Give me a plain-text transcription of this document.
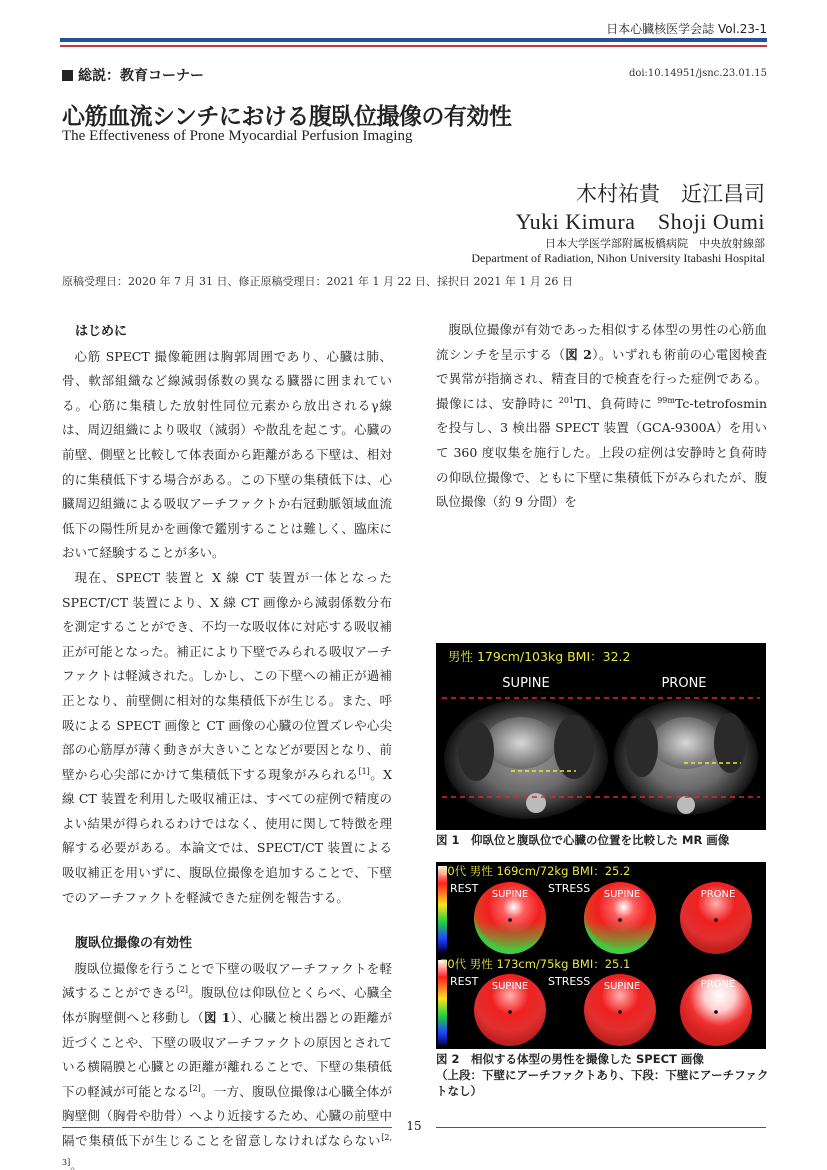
日本心臓核医学会誌 Vol.23-1
総説：教育コーナー	doi:10.14951/jsnc.23.01.15
心筋血流シンチにおける腹臥位撮像の有効性
The Effectiveness of Prone Myocardial Perfusion Imaging
木村祐貴　近江昌司
Yuki Kimura　Shoji Oumi
日本大学医学部附属板橋病院　中央放射線部
Department of Radiation, Nihon University Itabashi Hospital
原稿受理日：2020 年 7 月 31 日、修正原稿受理日：2021 年 1 月 22 日、採択日 2021 年 1 月 26 日

はじめに

心筋 SPECT 撮像範囲は胸郭周囲であり、心臓は肺、骨、軟部組織など線減弱係数の異なる臓器に囲まれている。心筋に集積した放射性同位元素から放出されるγ線は、周辺組織により吸収（減弱）や散乱を起こす。心臓の前壁、側壁と比較して体表面から距離がある下壁は、相対的に集積低下する場合がある。この下壁の集積低下は、心臓周辺組織による吸収アーチファクトか右冠動脈領域血流低下の陽性所見かを画像で鑑別することは難しく、臨床において経験することが多い。

現在、SPECT 装置と X 線 CT 装置が一体となった SPECT/CT 装置により、X 線 CT 画像から減弱係数分布を測定することができ、不均一な吸収体に対応する吸収補正が可能となった。補正により下壁でみられる吸収アーチファクトは軽減された。しかし、この下壁への補正が過補正となり、前壁側に相対的な集積低下が生じる。また、呼吸による SPECT 画像と CT 画像の心臓の位置ズレや心尖部の心筋厚が薄く動きが大きいことなどが要因となり、前壁から心尖部にかけて集積低下する現象がみられる[1]。X 線 CT 装置を利用した吸収補正は、すべての症例で精度のよい結果が得られるわけではなく、使用に関して特徴を理解する必要がある。本論文では、SPECT/CT 装置による吸収補正を用いずに、腹臥位撮像を追加することで、下壁でのアーチファクトを軽減できた症例を報告する。

腹臥位撮像の有効性

腹臥位撮像を行うことで下壁の吸収アーチファクトを軽減することができる[2]。腹臥位は仰臥位とくらべ、心臓全体が胸壁側へと移動し（図 1）、心臓と検出器との距離が近づくことや、下壁の吸収アーチファクトの原因とされている横隔膜と心臓との距離が離れることで、下壁の集積低下の軽減が可能となる[2]。一方、腹臥位撮像は心臓全体が胸壁側（胸骨や肋骨）へより近接するため、心臓の前壁中隔で集積低下が生じることを留意しなければならない[2, 3]。

腹臥位撮像が有効であった相似する体型の男性の心筋血流シンチを呈示する（図 2）。いずれも術前の心電図検査で異常が指摘され、精査目的で検査を行った症例である。撮像には、安静時に $^{201}$Tl、負荷時に $^{99m}$Tc-tetrofosmin を投与し、3 検出器 SPECT 装置（GCA-9300A）を用いて 360 度収集を施行した。上段の症例は安静時と負荷時の仰臥位撮像で、ともに下壁に集積低下がみられたが、腹臥位撮像（約 9 分間）を

男性 179cm/103kg BMI：32.2
SUPINE	PRONE
図 1　仰臥位と腹臥位で心臓の位置を比較した MR 画像
60代 男性 169cm/72kg BMI：25.2
REST	STRESS
SUPINE	SUPINE	PRONE
70代 男性 173cm/75kg BMI：25.1
REST	STRESS
SUPINE	SUPINE	PRONE
図 2　相似する体型の男性を撮像した SPECT 画像
（上段：下壁にアーチファクトあり、下段：下壁にアーチファクトなし）
15
